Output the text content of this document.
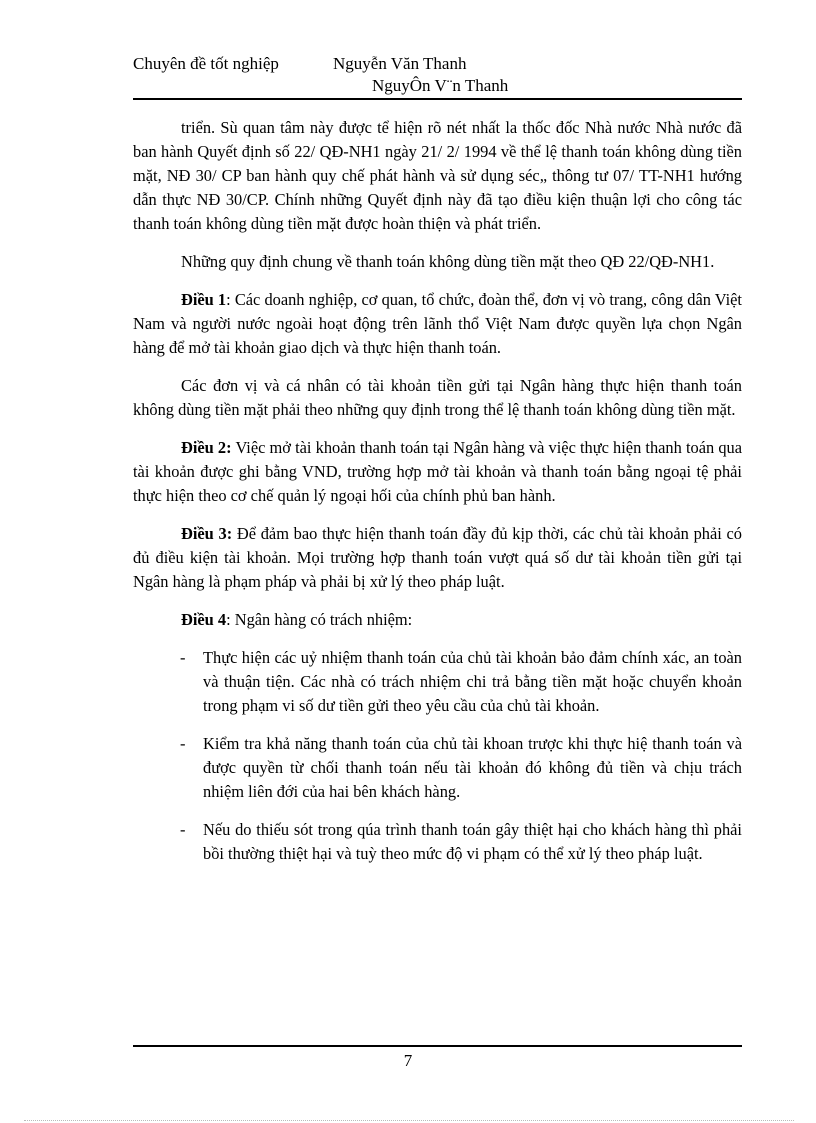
Chuyên đề tốt nghiệp	Nguyễn Văn Thanh
NguyÔn V¨n Thanh

triển. Sù quan tâm này được tể hiện rõ nét nhất la thốc đốc Nhà nước Nhà nước đã ban hành Quyết định số 22/ QĐ-NH1 ngày 21/ 2/ 1994 về thể lệ thanh toán không dùng tiền mặt, NĐ 30/ CP ban hành quy chế phát hành và sử dụng séc„ thông tư 07/ TT-NH1 hướng dẫn thực NĐ 30/CP. Chính những Quyết định này đã tạo điều kiện thuận lợi cho công tác thanh toán không dùng tiền mặt được hoàn thiện và phát triển.

Những quy định chung về thanh toán không dùng tiền mặt theo QĐ 22/QĐ-NH1.

Điều 1: Các doanh nghiệp, cơ quan, tổ chức, đoàn thể, đơn vị vò trang, công dân Việt Nam và người nước ngoài hoạt động trên lãnh thổ Việt Nam được quyền lựa chọn Ngân hàng để mở tài khoản giao dịch và thực hiện thanh toán.

Các đơn vị và cá nhân có tài khoản tiền gửi tại Ngân hàng thực hiện thanh toán không dùng tiền mặt phải theo những quy định trong thể lệ thanh toán không dùng tiền mặt.

Điều 2: Việc mở tài khoản thanh toán tại Ngân hàng và việc thực hiện thanh toán qua tài khoản được ghi bằng VND, trường hợp mở tài khoản và thanh toán bằng ngoại tệ phải thực hiện theo cơ chế quản lý ngoại hối của chính phủ ban hành.

Điều 3: Để đảm bao thực hiện thanh toán đầy đủ kịp thời, các chủ tài khoản phải có đủ điều kiện tài khoản. Mọi trường hợp thanh toán vượt quá số dư tài khoản tiền gửi tại Ngân hàng là phạm pháp và phải bị xử lý theo pháp luật.

Điều 4: Ngân hàng có trách nhiệm:

- Thực hiện các uỷ nhiệm thanh toán của chủ tài khoản bảo đảm chính xác, an toàn và thuận tiện. Các nhà có trách nhiệm chi trả bằng tiền mặt hoặc chuyển khoản trong phạm vi số dư tiền gửi theo yêu cầu của chủ tài khoản.
- Kiểm tra khả năng thanh toán của chủ tài khoan trược khi thực hiệ thanh toán và được quyền từ chối thanh toán nếu tài khoản đó không đủ tiền và chịu trách nhiệm liên đới của hai bên khách hàng.
- Nếu do thiếu sót trong qúa trình thanh toán gây thiệt hại cho khách hàng thì phải bồi thường thiệt hại và tuỳ theo mức độ vi phạm có thể xử lý theo pháp luật.
7
